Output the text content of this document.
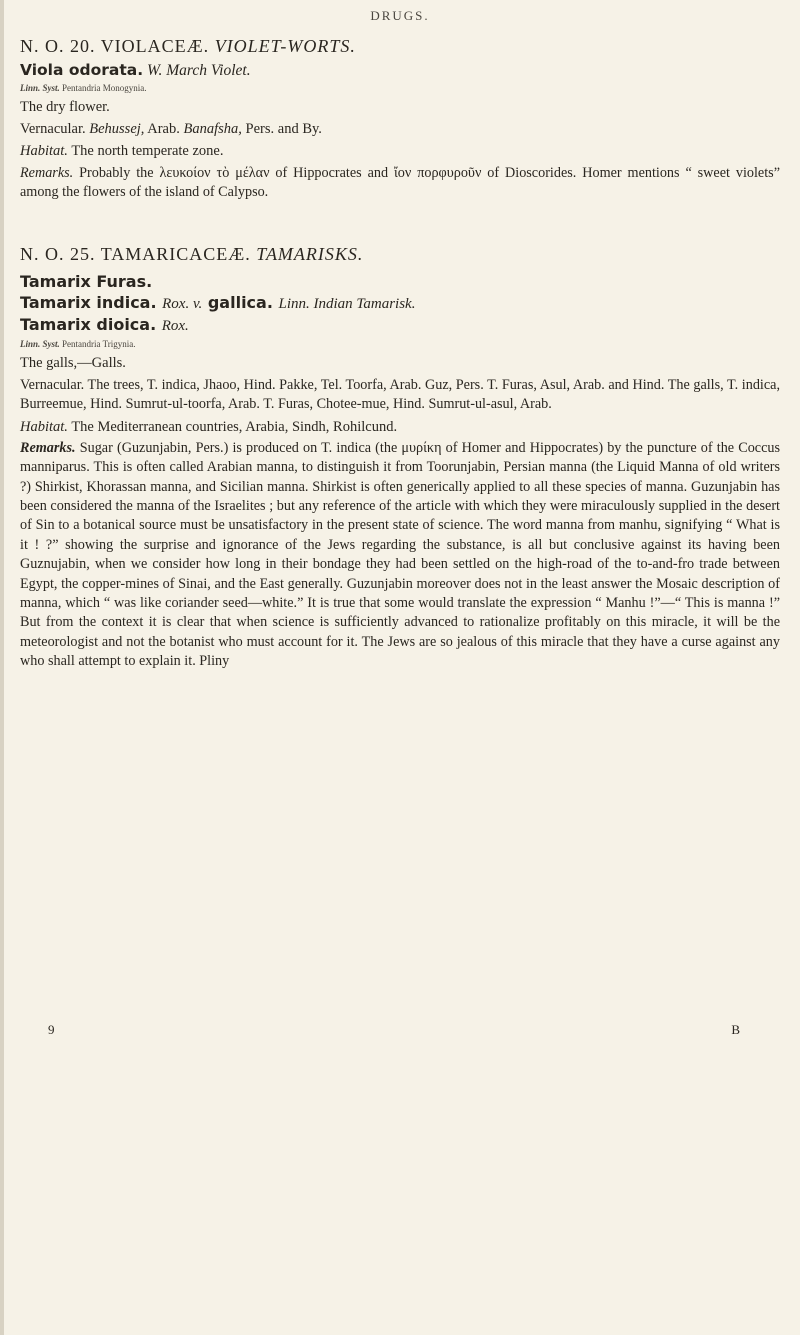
DRUGS.
N. O. 20. VIOLACEÆ. VIOLET-WORTS.
Viola odorata. W. March Violet.
Linn. Syst. Pentandria Monogynia.
The dry flower.
Vernacular. Behussej, Arab. Banafsha, Pers. and By.
Habitat. The north temperate zone.
Remarks. Probably the λευκοίον τὸ μέλαν of Hippocrates and ἴον πορφυροῦν of Dioscorides. Homer mentions “ sweet violets” among the flowers of the island of Calypso.
N. O. 25. TAMARICACEÆ. TAMARISKS.
Tamarix Furas.
Tamarix indica. Rox. v. gallica. Linn. Indian Tamarisk.
Tamarix dioica. Rox.
Linn. Syst. Pentandria Trigynia.
The galls,—Galls.
Vernacular. The trees, T. indica, Jhaoo, Hind. Pakke, Tel. Toorfa, Arab. Guz, Pers. T. Furas, Asul, Arab. and Hind. The galls, T. indica, Burreemue, Hind. Sumrut-ul-toorfa, Arab. T. Furas, Chotee-mue, Hind. Sumrut-ul-asul, Arab.
Habitat. The Mediterranean countries, Arabia, Sindh, Rohilcund.
Remarks. Sugar (Guzunjabin, Pers.) is produced on T. indica (the μυρίκη of Homer and Hippocrates) by the puncture of the Coccus manniparus. This is often called Arabian manna, to distinguish it from Toorunjabin, Persian manna (the Liquid Manna of old writers ?) Shirkist, Khorassan manna, and Sicilian manna. Shirkist is often generically applied to all these species of manna. Guzunjabin has been considered the manna of the Israelites ; but any reference of the article with which they were miraculously supplied in the desert of Sin to a botanical source must be unsatisfactory in the present state of science. The word manna from manhu, signifying “ What is it ! ?” showing the surprise and ignorance of the Jews regarding the substance, is all but conclusive against its having been Guznujabin, when we consider how long in their bondage they had been settled on the high-road of the to-and-fro trade between Egypt, the copper-mines of Sinai, and the East generally. Guzunjabin moreover does not in the least answer the Mosaic description of manna, which “ was like coriander seed—white.” It is true that some would translate the expression “ Manhu !”—“ This is manna !” But from the context it is clear that when science is sufficiently advanced to rationalize profitably on this miracle, it will be the meteorologist and not the botanist who must account for it. The Jews are so jealous of this miracle that they have a curse against any who shall attempt to explain it. Pliny
9	B
